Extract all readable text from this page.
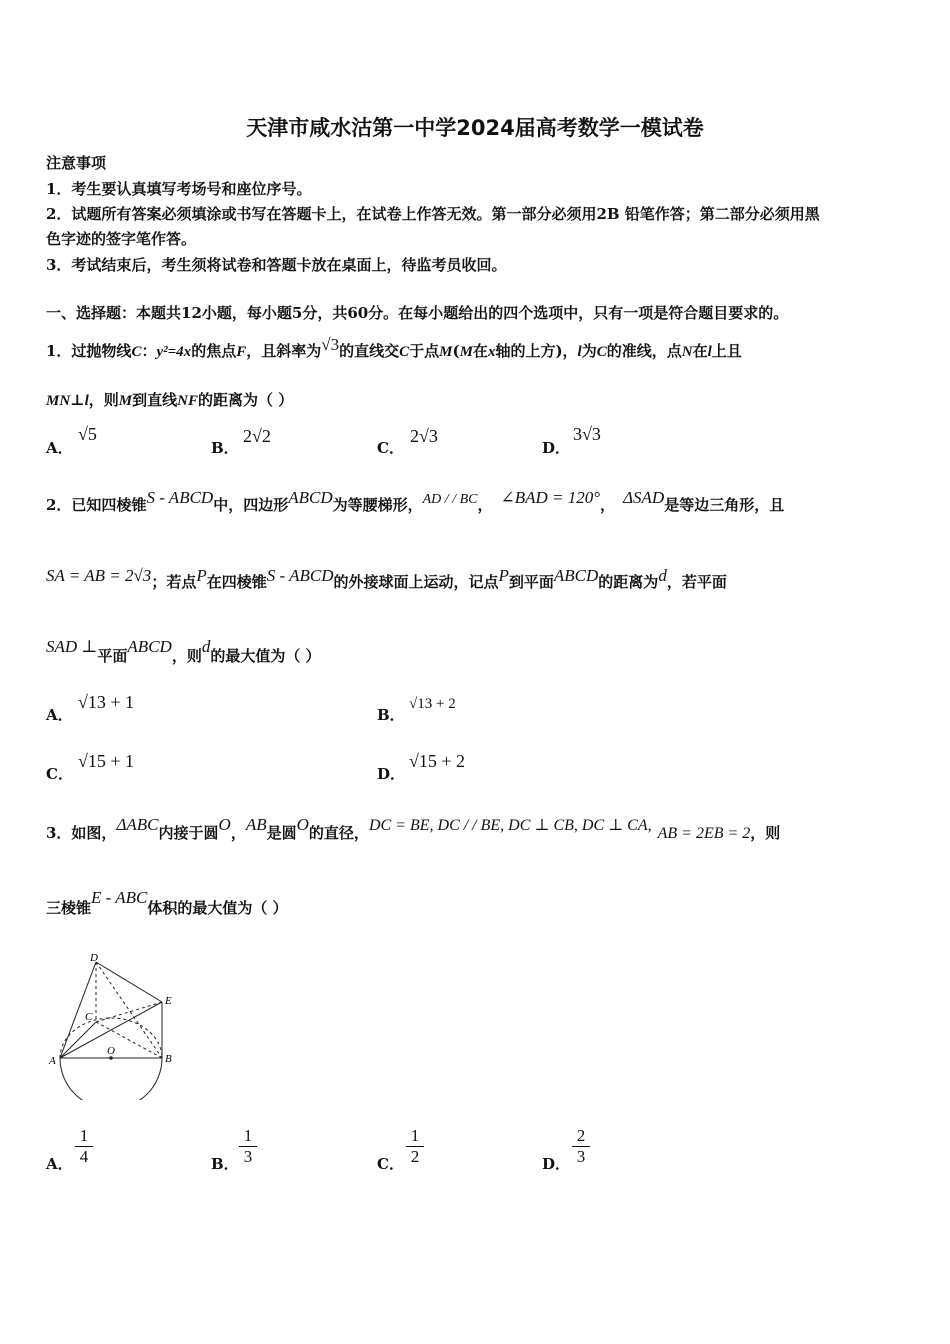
天津市咸水沽第一中学2024届高考数学一模试卷
注意事项
1．考生要认真填写考场号和座位序号。
2．试题所有答案必须填涂或书写在答题卡上，在试卷上作答无效。第一部分必须用2B 铅笔作答；第二部分必须用黑
色字迹的签字笔作答。
3．考试结束后，考生须将试卷和答题卡放在桌面上，待监考员收回。
一、选择题：本题共12小题，每小题5分，共60分。在每小题给出的四个选项中，只有一项是符合题目要求的。
1．过抛物线C：y²=4x的焦点F，且斜率为√3的直线交C于点M(M在x轴的上方)，l为C的准线，点N在l上且
MN⊥l，则M到直线NF的距离为（ ）
A．
√5
B．
2√2
C．
2√3
D．
3√3
2．已知四棱锥S - ABCD中，四边形ABCD为等腰梯形，AD / / BC， ∠BAD = 120°， ΔSAD是等边三角形，且
SA = AB = 2√3；若点P在四棱锥S - ABCD的外接球面上运动，记点P到平面ABCD的距离为d，若平面
SAD ⊥平面ABCD，则d的最大值为（ ）
A．
√13 + 1
B．
√13 + 2
C．
√15 + 1
D．
√15 + 2
3．如图，ΔABC内接于圆O，AB是圆O的直径，DC = BE, DC / / BE, DC ⊥ CB, DC ⊥ CA, AB = 2EB = 2，则
三棱锥E - ABC体积的最大值为（ ）
D
E
C
A
O
B
A． $\frac{1}{4}$	B． $\frac{1}{3}$	C． $\frac{1}{2}$	D． $\frac{2}{3}$
